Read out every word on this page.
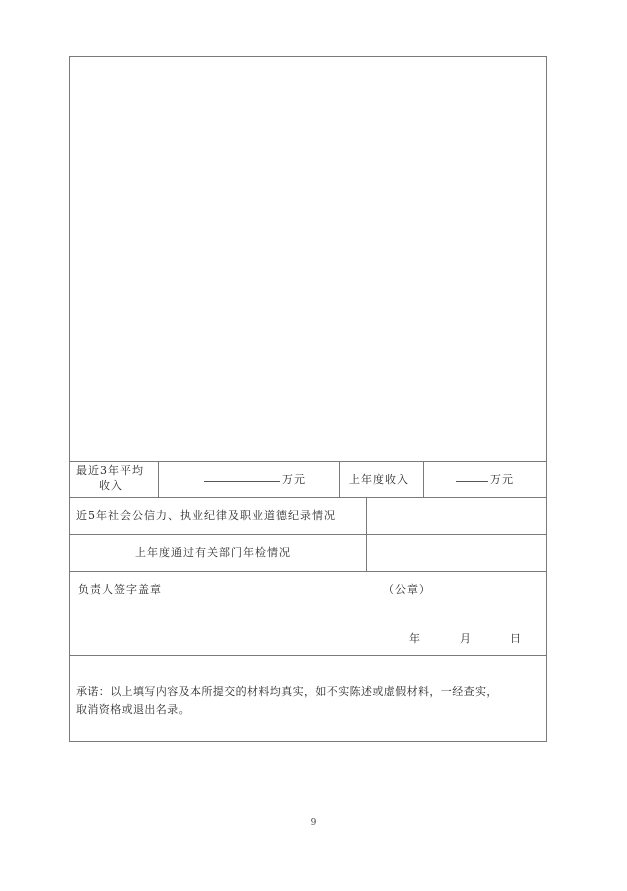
最近3年平均
收入	万元	上年度收入	万元
近5年社会公信力、执业纪律及职业道德纪录情况
上年度通过有关部门年检情况
负责人签字盖章	（公章）
年	月	日
承诺：以上填写内容及本所提交的材料均真实，如不实陈述或虚假材料，一经查实，
取消资格或退出名录。
9
